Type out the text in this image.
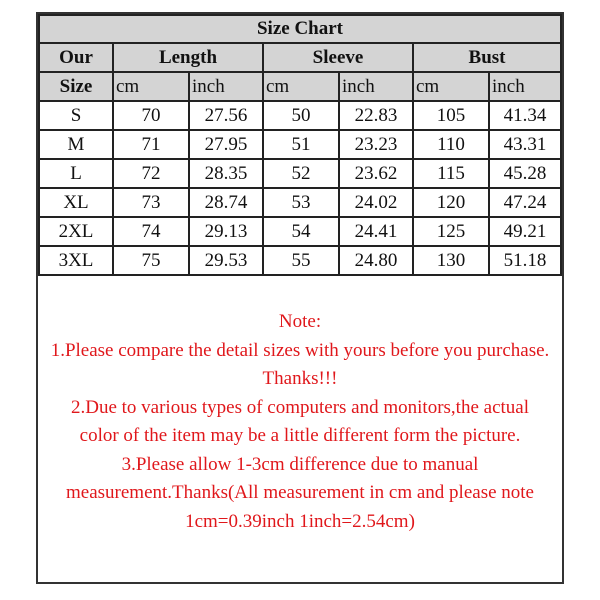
Size Chart						
Our	Length		Sleeve		Bust	
Size	cm	inch	cm	inch	cm	inch
S	70	27.56	50	22.83	105	41.34
M	71	27.95	51	23.23	110	43.31
L	72	28.35	52	23.62	115	45.28
XL	73	28.74	53	24.02	120	47.24
2XL	74	29.13	54	24.41	125	49.21
3XL	75	29.53	55	24.80	130	51.18
Note:
1.Please compare the detail sizes with yours before you purchase. Thanks!!!
2.Due to various types of computers and monitors,the actual color of the item may be a little different form the picture.
3.Please allow 1-3cm difference due to manual measurement.Thanks(All measurement in cm and please note 1cm=0.39inch 1inch=2.54cm)
